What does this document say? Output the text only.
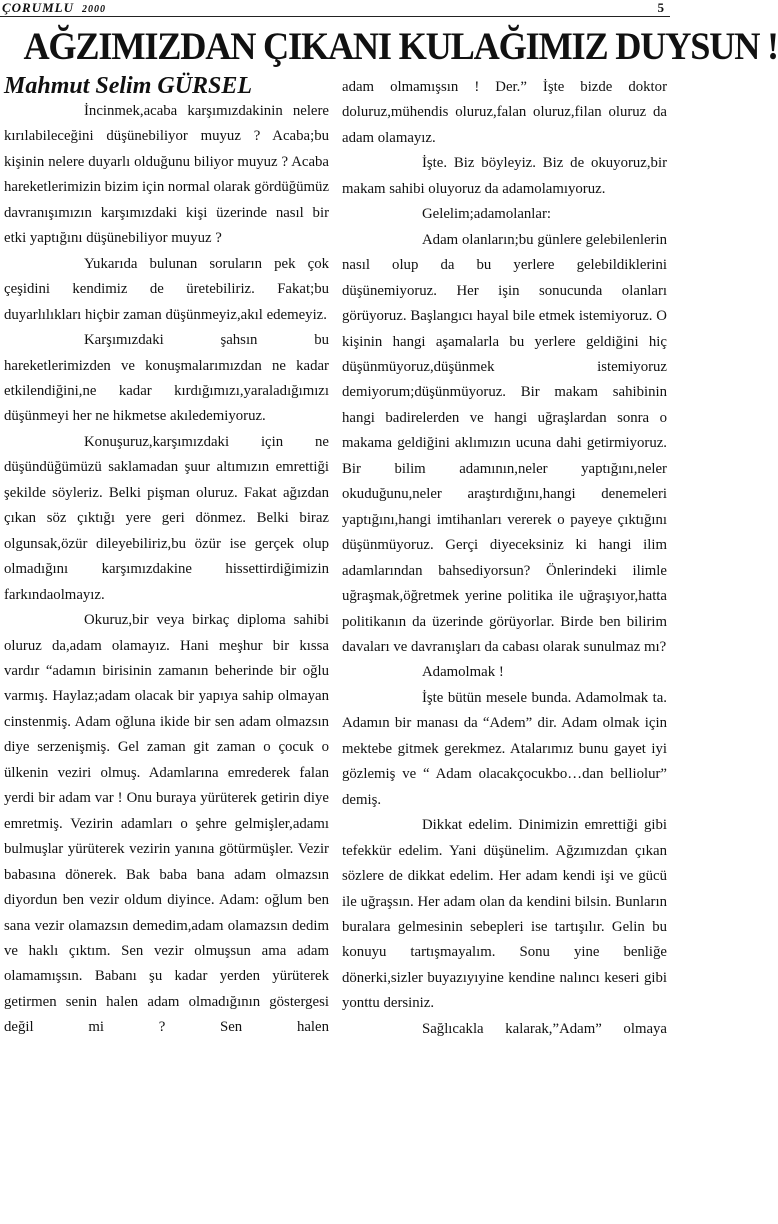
ÇORUMLU 2000	5
AĞZIMIZDAN ÇIKANI KULAĞIMIZ DUYSUN !
Mahmut Selim GÜRSEL

İncinmek,acaba karşımızdakinin nelere kırılabileceğini düşünebiliyor muyuz ? Acaba;bu kişinin nelere duyarlı olduğunu biliyor muyuz ? Acaba hareketlerimizin bizim için normal olarak gördüğümüz davranışımızın karşımızdaki kişi üzerinde nasıl bir etki yaptığını düşünebiliyor muyuz ?

Yukarıda bulunan soruların pek çok çeşidini kendimiz de üretebiliriz. Fakat;bu duyarlılıkları hiçbir zaman düşünmeyiz,akıl edemeyiz.

Karşımızdaki şahsın bu hareketlerimizden ve konuşmalarımızdan ne kadar etkilendiğini,ne kadar kırdığımızı,yaraladığımızı düşünmeyi her ne hikmetse akıledemiyoruz.

Konuşuruz,karşımızdaki için ne düşündüğümüzü saklamadan şuur altımızın emrettiği şekilde söyleriz. Belki pişman oluruz. Fakat ağızdan çıkan söz çıktığı yere geri dönmez. Belki biraz olgunsak,özür dileyebiliriz,bu özür ise gerçek olup olmadığını karşımızdakine hissettirdiğimizin farkındaolmayız.

Okuruz,bir veya birkaç diploma sahibi oluruz da,adam olamayız. Hani meşhur bir kıssa vardır “adamın birisinin zamanın beherinde bir oğlu varmış. Haylaz;adam olacak bir yapıya sahip olmayan cinstenmiş. Adam oğluna ikide bir sen adam olmazsın diye serzenişmiş. Gel zaman git zaman o çocuk o ülkenin veziri olmuş. Adamlarına emrederek falan yerdi bir adam var ! Onu buraya yürüterek getirin diye emretmiş. Vezirin adamları o şehre gelmişler,adamı bulmuşlar yürüterek vezirin yanına götürmüşler. Vezir babasına dönerek. Bak baba bana adam olmazsın diyordun ben vezir oldum diyince. Adam: oğlum ben sana vezir olamazsın demedim,adam olamazsın dedim ve haklı çıktım. Sen vezir olmuşsun ama adam olamamışsın. Babanı şu kadar yerden yürüterek getirmen senin halen adam olmadığının göstergesi değil mi ? Sen halen

adam olmamışsın ! Der.” İşte bizde doktor doluruz,mühendis oluruz,falan oluruz,filan oluruz da adam olamayız.

İşte. Biz böyleyiz. Biz de okuyoruz,bir makam sahibi oluyoruz da adamolamıyoruz.

Gelelim;adamolanlar:

Adam olanların;bu günlere gelebilenlerin nasıl olup da bu yerlere gelebildiklerini düşünemiyoruz. Her işin sonucunda olanları görüyoruz. Başlangıcı hayal bile etmek istemiyoruz. O kişinin hangi aşamalarla bu yerlere geldiğini hiç düşünmüyoruz,düşünmek istemiyoruz demiyorum;düşünmüyoruz. Bir makam sahibinin hangi badirelerden ve hangi uğraşlardan sonra o makama geldiğini aklımızın ucuna dahi getirmiyoruz. Bir bilim adamının,neler yaptığını,neler okuduğunu,neler araştırdığını,hangi denemeleri yaptığını,hangi imtihanları vererek o payeye çıktığını düşünmüyoruz. Gerçi diyeceksiniz ki hangi ilim adamlarından bahsediyorsun? Önlerindeki ilimle uğraşmak,öğretmek yerine politika ile uğraşıyor,hatta politikanın da üzerinde görüyorlar. Birde ben bilirim davaları ve davranışları da cabası olarak sunulmaz mı?

Adamolmak !

İşte bütün mesele bunda. Adamolmak ta. Adamın bir manası da “Adem” dir. Adam olmak için mektebe gitmek gerekmez. Atalarımız bunu gayet iyi gözlemiş ve “ Adam olacakçocukbo…dan belliolur” demiş.

Dikkat edelim. Dinimizin emrettiği gibi tefekkür edelim. Yani düşünelim. Ağzımızdan çıkan sözlere de dikkat edelim. Her adam kendi işi ve gücü ile uğraşsın. Her adam olan da kendini bilsin. Bunların buralara gelmesinin sebepleri ise tartışılır. Gelin bu konuyu tartışmayalım. Sonu yine benliğe dönerki,sizler buyazıyıyine kendine nalıncı keseri gibi yonttu dersiniz.

Sağlıcakla kalarak,”Adam” olmaya
